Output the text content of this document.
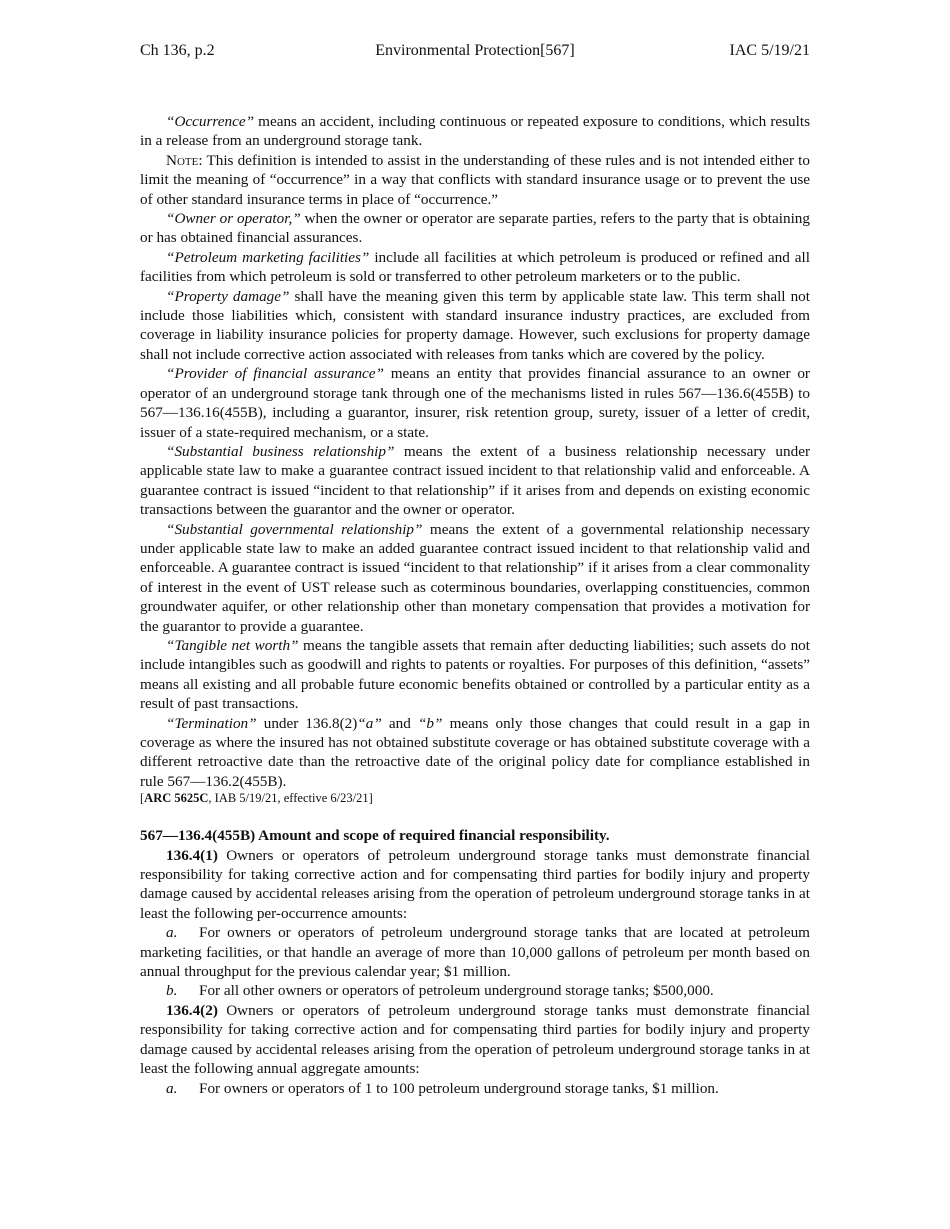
Environmental Protection[567]
Ch 136, p.2	IAC 5/19/21

“Occurrence” means an accident, including continuous or repeated exposure to conditions, which results in a release from an underground storage tank.

Note: This definition is intended to assist in the understanding of these rules and is not intended either to limit the meaning of “occurrence” in a way that conflicts with standard insurance usage or to prevent the use of other standard insurance terms in place of “occurrence.”

“Owner or operator,” when the owner or operator are separate parties, refers to the party that is obtaining or has obtained financial assurances.

“Petroleum marketing facilities” include all facilities at which petroleum is produced or refined and all facilities from which petroleum is sold or transferred to other petroleum marketers or to the public.

“Property damage” shall have the meaning given this term by applicable state law. This term shall not include those liabilities which, consistent with standard insurance industry practices, are excluded from coverage in liability insurance policies for property damage. However, such exclusions for property damage shall not include corrective action associated with releases from tanks which are covered by the policy.

“Provider of financial assurance” means an entity that provides financial assurance to an owner or operator of an underground storage tank through one of the mechanisms listed in rules 567—136.6(455B) to 567—136.16(455B), including a guarantor, insurer, risk retention group, surety, issuer of a letter of credit, issuer of a state-required mechanism, or a state.

“Substantial business relationship” means the extent of a business relationship necessary under applicable state law to make a guarantee contract issued incident to that relationship valid and enforceable. A guarantee contract is issued “incident to that relationship” if it arises from and depends on existing economic transactions between the guarantor and the owner or operator.

“Substantial governmental relationship” means the extent of a governmental relationship necessary under applicable state law to make an added guarantee contract issued incident to that relationship valid and enforceable. A guarantee contract is issued “incident to that relationship” if it arises from a clear commonality of interest in the event of UST release such as coterminous boundaries, overlapping constituencies, common groundwater aquifer, or other relationship other than monetary compensation that provides a motivation for the guarantor to provide a guarantee.

“Tangible net worth” means the tangible assets that remain after deducting liabilities; such assets do not include intangibles such as goodwill and rights to patents or royalties. For purposes of this definition, “assets” means all existing and all probable future economic benefits obtained or controlled by a particular entity as a result of past transactions.

“Termination” under 136.8(2)“a” and “b” means only those changes that could result in a gap in coverage as where the insured has not obtained substitute coverage or has obtained substitute coverage with a different retroactive date than the retroactive date of the original policy date for compliance established in rule 567—136.2(455B).

[ARC 5625C, IAB 5/19/21, effective 6/23/21]

567—136.4(455B) Amount and scope of required financial responsibility.

136.4(1) Owners or operators of petroleum underground storage tanks must demonstrate financial responsibility for taking corrective action and for compensating third parties for bodily injury and property damage caused by accidental releases arising from the operation of petroleum underground storage tanks in at least the following per-occurrence amounts:

a. For owners or operators of petroleum underground storage tanks that are located at petroleum marketing facilities, or that handle an average of more than 10,000 gallons of petroleum per month based on annual throughput for the previous calendar year; $1 million.

b. For all other owners or operators of petroleum underground storage tanks; $500,000.

136.4(2) Owners or operators of petroleum underground storage tanks must demonstrate financial responsibility for taking corrective action and for compensating third parties for bodily injury and property damage caused by accidental releases arising from the operation of petroleum underground storage tanks in at least the following annual aggregate amounts:

a. For owners or operators of 1 to 100 petroleum underground storage tanks, $1 million.
